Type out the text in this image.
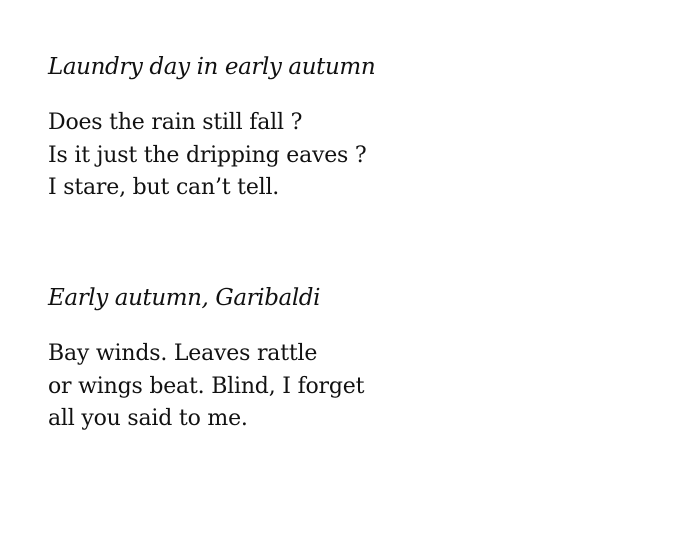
Laundry day in early autumn
Does the rain still fall ?
Is it just the dripping eaves ?
I stare, but can’t tell.
Early autumn, Garibaldi
Bay winds. Leaves rattle
or wings beat. Blind, I forget
all you said to me.
